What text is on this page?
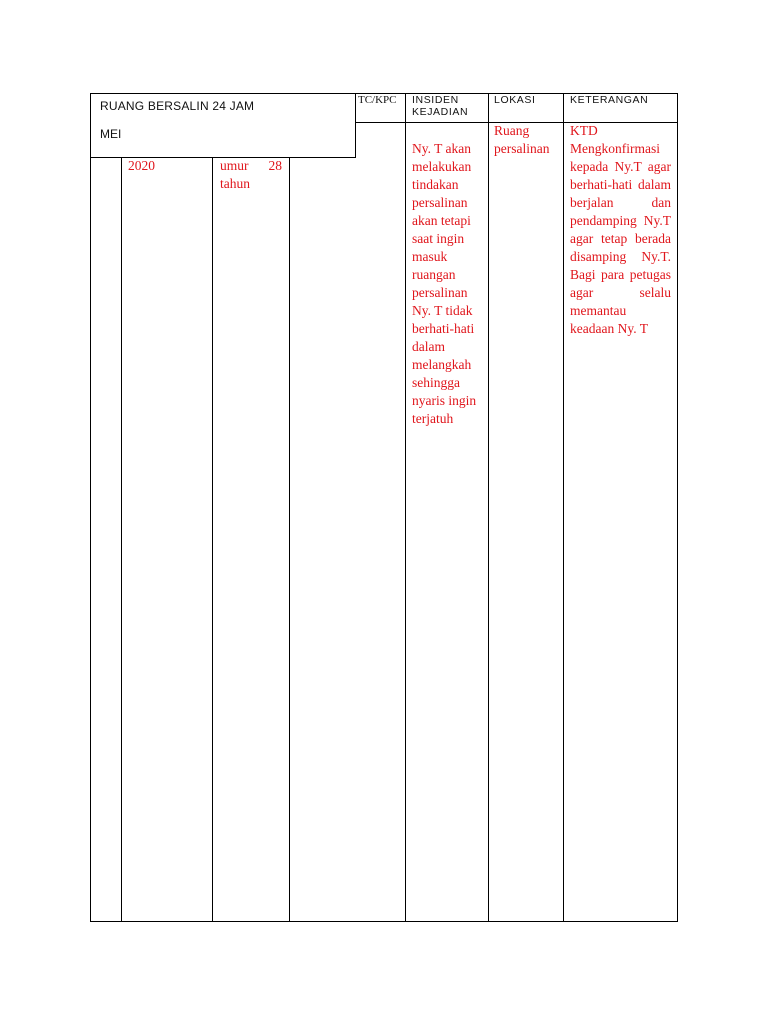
TC/KPC INSIDEN KEJADIAN
LOKASI	KETERANGAN
2020	umur 28 tahun
Ny. T akan melakukan tindakan persalinan akan tetapi saat ingin masuk ruangan persalinan Ny. T tidak berhati-hati dalam melangkah sehingga nyaris ingin terjatuh
Ruang persalinan
KTD
Mengkonfirmasi kepada Ny.T agar berhati-hati dalam berjalan dan pendamping Ny.T agar tetap berada disamping Ny.T. Bagi para petugas agar selalu memantau keadaan Ny. T
RUANG BERSALIN 24 JAM
MEI
